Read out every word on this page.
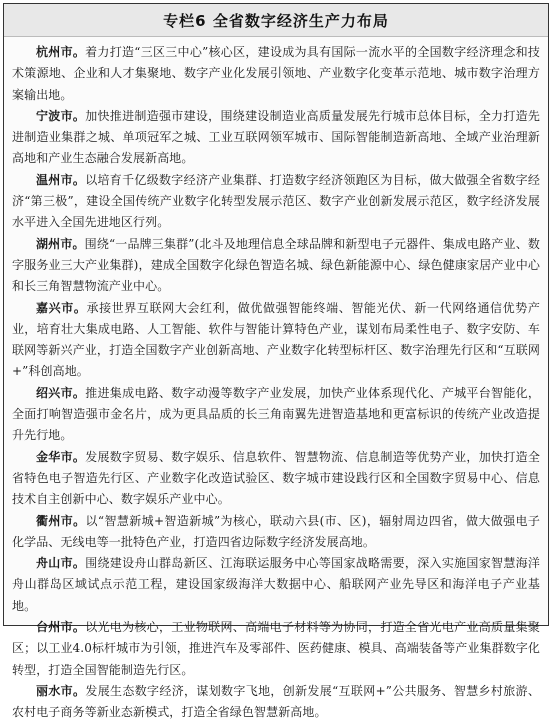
专栏6 全省数字经济生产力布局

杭州市。着力打造“三区三中心”核心区，建设成为具有国际一流水平的全国数字经济理念和技术策源地、企业和人才集聚地、数字产业化发展引领地、产业数字化变革示范地、城市数字治理方案输出地。

宁波市。加快推进制造强市建设，围绕建设制造业高质量发展先行城市总体目标，全力打造先进制造业集群之城、单项冠军之城、工业互联网领军城市、国际智能制造新高地、全域产业治理新高地和产业生态融合发展新高地。

温州市。以培育千亿级数字经济产业集群、打造数字经济领跑区为目标，做大做强全省数字经济“第三极”，建设全国传统产业数字化转型发展示范区、数字产业创新发展示范区，数字经济发展水平进入全国先进地区行列。

湖州市。围绕“一品牌三集群”(北斗及地理信息全球品牌和新型电子元器件、集成电路产业、数字服务业三大产业集群)，建成全国数字化绿色智造名城、绿色新能源中心、绿色健康家居产业中心和长三角智慧物流产业中心。

嘉兴市。承接世界互联网大会红利，做优做强智能终端、智能光伏、新一代网络通信优势产业，培育壮大集成电路、人工智能、软件与智能计算特色产业，谋划布局柔性电子、数字安防、车联网等新兴产业，打造全国数字产业创新高地、产业数字化转型标杆区、数字治理先行区和“互联网+”科创高地。

绍兴市。推进集成电路、数字动漫等数字产业发展，加快产业体系现代化、产城平台智能化，全面打响智造强市金名片，成为更具品质的长三角南翼先进智造基地和更富标识的传统产业改造提升先行地。

金华市。发展数字贸易、数字娱乐、信息软件、智慧物流、信息制造等优势产业，加快打造全省特色电子智造先行区、产业数字化改造试验区、数字城市建设践行区和全国数字贸易中心、信息技术自主创新中心、数字娱乐产业中心。

衢州市。以“智慧新城+智造新城”为核心，联动六县(市、区)，辐射周边四省，做大做强电子化学品、无线电等一批特色产业，打造四省边际数字经济发展高地。

舟山市。围绕建设舟山群岛新区、江海联运服务中心等国家战略需要，深入实施国家智慧海洋舟山群岛区域试点示范工程，建设国家级海洋大数据中心、船联网产业先导区和海洋电子产业基地。

台州市。以光电为核心，工业物联网、高端电子材料等为协同，打造全省光电产业高质量集聚区；以工业4.0标杆城市为引领，推进汽车及零部件、医药健康、模具、高端装备等产业集群数字化转型，打造全国智能制造先行区。

丽水市。发展生态数字经济，谋划数字飞地，创新发展“互联网+”公共服务、智慧乡村旅游、农村电子商务等新业态新模式，打造全省绿色智慧新高地。
